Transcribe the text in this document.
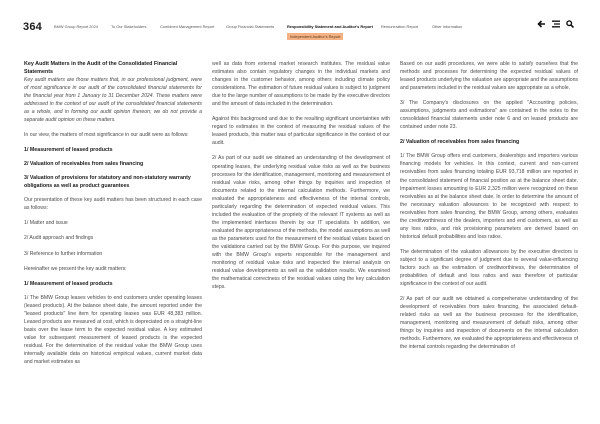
364	BMW Group Report 2024	To Our Stakeholders	Combined Management Report	Group Financial Statements	Responsibility Statement and Auditor's Report Remuneration Report	Other Information
Independent Auditor's Report
Key Audit Matters in the Audit of the Consolidated Financial Statements

Key audit matters are those matters that, in our professional judgment, were of most significance in our audit of the consolidated financial statements for the financial year from 1 January to 31 December 2024. These matters were addressed in the context of our audit of the consolidated financial statements as a whole, and in forming our audit opinion thereon; we do not provide a separate audit opinion on these matters.

In our view, the matters of most significance in our audit were as follows:

1/ Measurement of leased products
2/ Valuation of receivables from sales financing
3/ Valuation of provisions for statutory and non-statutory warranty obligations as well as product guarantees

Our presentation of these key audit matters has been structured in each case as follows:

1/ Matter and issue

2/ Audit approach and findings

3/ Reference to further information

Hereinafter we present the key audit matters:

1/ Measurement of leased products

1/ The BMW Group leases vehicles to end customers under operating leases (leased products). At the balance sheet date, the amount reported under the "leased products" line item for operating leases was EUR 48,383 million. Leased products are measured at cost, which is depreciated on a straight-line basis over the lease term to the expected residual value. A key estimated value for subsequent measurement of leased products is the expected residual. For the determination of the residual value the BMW Group uses internally available data on historical empirical values, current market data and market estimates as

well as data from external market research institutes. The residual value estimates also contain regulatory changes in the individual markets and changes in the customer behavior, among others including climate policy considerations. The estimation of future residual values is subject to judgment due to the large number of assumptions to be made by the executive directors and the amount of data included in the determination.

Against this background and due to the resulting significant uncertainties with regard to estimates in the context of measuring the residual values of the leased products, this matter was of particular significance in the context of our audit.

2/ As part of our audit we obtained an understanding of the development of operating leases, the underlying residual value risks as well as the business processes for the identification, management, monitoring and measurement of residual value risks, among other things by inquiries and inspection of documents related to the internal calculation methods. Furthermore, we evaluated the appropriateness and effectiveness of the internal controls, particularly regarding the determination of expected residual values. This included the evaluation of the propriety of the relevant IT systems as well as the implemented interfaces therein by our IT specialists. In addition, we evaluated the appropriateness of the methods, the model assumptions as well as the parameters used for the measurement of the residual values based on the validations carried out by the BMW Group. For this purpose, we inquired with the BMW Group's experts responsible for the management and monitoring of residual value risks and inspected the internal analysis on residual value developments as well as the validation results. We examined the mathematical correctness of the residual values using the key calculation steps.

Based on our audit procedures, we were able to satisfy ourselves that the methods and processes for determining the expected residual values of leased products underlying the valuation are appropriate and the assumptions and parameters included in the residual values are appropriate as a whole.

3/ The Company's disclosures on the applied "Accounting policies, assumptions, judgments and estimations" are contained in the notes to the consolidated financial statements under note 6 and on leased products are contained under note 23.

2/ Valuation of receivables from sales financing

1/ The BMW Group offers end customers, dealerships and importers various financing models for vehicles. In this context, current and non-current receivables from sales financing totaling EUR 93,718 million are reported in the consolidated statement of financial position as at the balance sheet date. Impairment losses amounting to EUR 2,325 million were recognized on these receivables as at the balance sheet date. In order to determine the amount of the necessary valuation allowances to be recognized with respect to receivables from sales financing, the BMW Group, among others, evaluates the creditworthiness of the dealers, importers and end customers, as well as any loss ratios, and risk provisioning parameters are derived based on historical default probabilities and loss ratios.

The determination of the valuation allowances by the executive directors is subject to a significant degree of judgment due to several value-influencing factors such as the estimation of creditworthiness, the determination of probabilities of default and loss ratios and was therefore of particular significance in the context of our audit.

2/ As part of our audit we obtained a comprehensive understanding of the development of receivables from sales financing, the associated default-related risks as well as the business processes for the identification, management, monitoring and measurement of default risks, among other things by inquiries and inspection of documents on the internal calculation methods. Furthermore, we evaluated the appropriateness and effectiveness of the internal controls regarding the determination of
